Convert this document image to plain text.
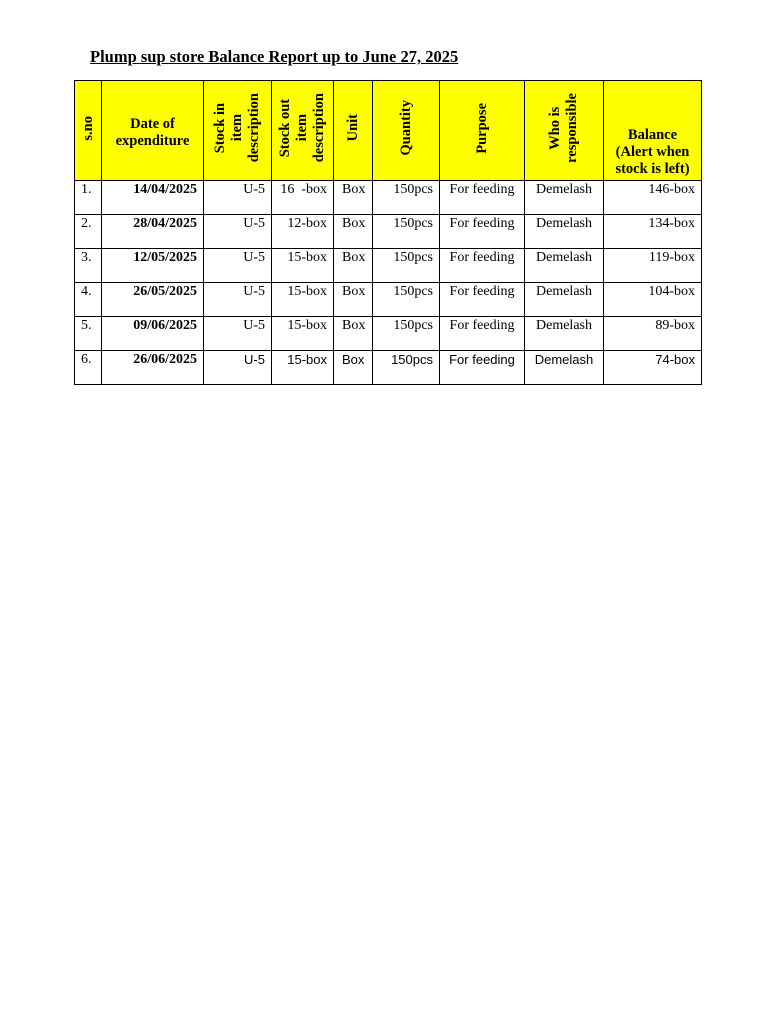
Plump sup store Balance Report up to June 27, 2025
s.no	Date of expenditure	Stock in
item
description	Stock out
item
description	Unit	Quantity	Purpose	Who is
responsible	Balance
(Alert when
stock is left)
1.	14/04/2025	U-5	16  -box	Box	150pcs	For feeding	Demelash	146-box
2.	28/04/2025	U-5	12-box	Box	150pcs	For feeding	Demelash	134-box
3.	12/05/2025	U-5	15-box	Box	150pcs	For feeding	Demelash	119-box
4.	26/05/2025	U-5	15-box	Box	150pcs	For feeding	Demelash	104-box
5.	09/06/2025	U-5	15-box	Box	150pcs	For feeding	Demelash	89-box
6.	26/06/2025	U-5	15-box	Box	150pcs	For feeding	Demelash	74-box
